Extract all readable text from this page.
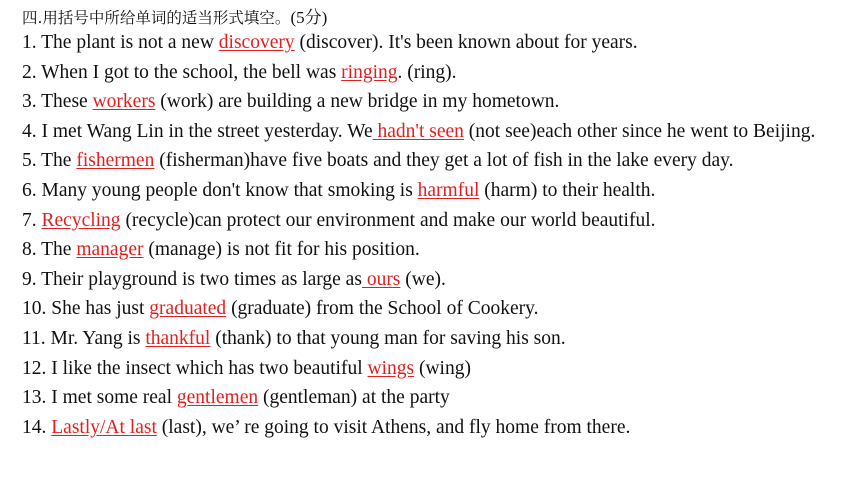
四.用括号中所给单词的适当形式填空。(5分)
1. The plant is not a new discovery (discover). It's been known about for years.
2. When I got to the school, the bell was ringing. (ring).
3. These workers (work) are building a new bridge in my hometown.
4. I met Wang Lin in the street yesterday. We hadn't seen (not see)each other since he went to Beijing.
5. The fishermen (fisherman)have five boats and they get a lot of fish in the lake every day.
6. Many young people don't know that smoking is harmful (harm) to their health.
7. Recycling (recycle)can protect our environment and make our world beautiful.
8. The manager (manage) is not fit for his position.
9. Their playground is two times as large as ours (we).
10. She has just graduated (graduate) from the School of Cookery.
11. Mr. Yang is thankful (thank) to that young man for saving his son.
12. I like the insect which has two beautiful wings (wing)
13. I met some real gentlemen (gentleman) at the party
14. Lastly/At last (last), we’ re going to visit Athens, and fly home from there.
